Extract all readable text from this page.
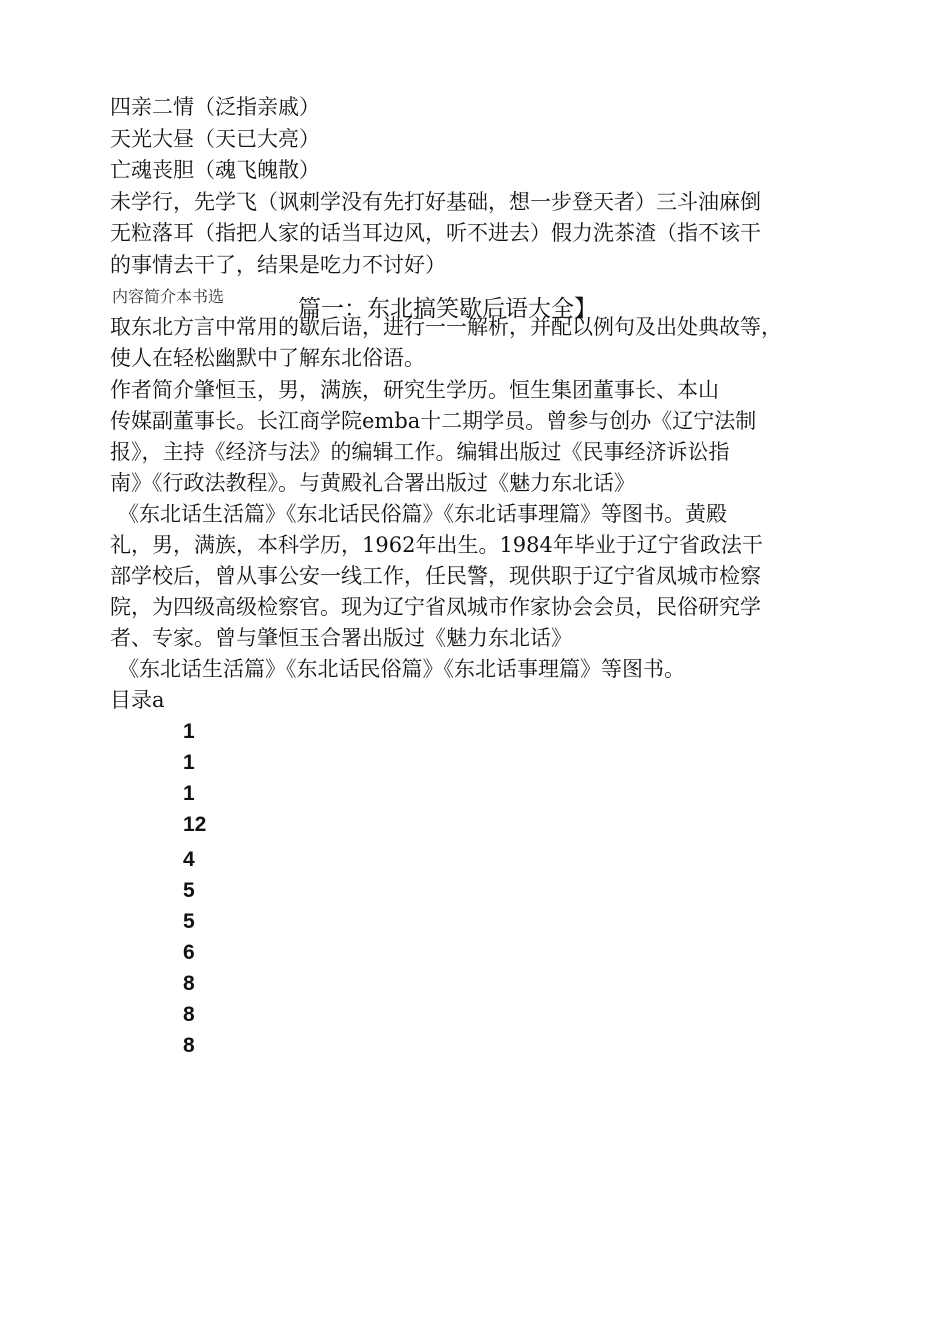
四亲二情（泛指亲戚）
天光大昼（天已大亮）
亡魂丧胆（魂飞魄散）
未学行，先学飞（讽刺学没有先打好基础，想一步登天者）三斗油麻倒
无粒落耳（指把人家的话当耳边风，听不进去）假力洗茶渣（指不该干
的事情去干了，结果是吃力不讨好）
内容简介本书选	篇一：东北搞笑歇后语大全】
取东北方言中常用的歇后语，进行一一解析，并配以例句及出处典故等，
使人在轻松幽默中了解东北俗语。
作者简介肇恒玉，男，满族，研究生学历。恒生集团董事长、本山
传媒副董事长。长江商学院emba十二期学员。曾参与创办《辽宁法制
报》，主持《经济与法》的编辑工作。编辑出版过《民事经济诉讼指
南》《行政法教程》。与黄殿礼合署出版过《魅力东北话》
《东北话生活篇》《东北话民俗篇》《东北话事理篇》等图书。黄殿
礼，男，满族，本科学历，1962年出生。1984年毕业于辽宁省政法干
部学校后，曾从事公安一线工作，任民警，现供职于辽宁省凤城市检察
院，为四级高级检察官。现为辽宁省凤城市作家协会会员，民俗研究学
者、专家。曾与肇恒玉合署出版过《魅力东北话》
《东北话生活篇》《东北话民俗篇》《东北话事理篇》等图书。
目录a
1
1
1
12
4
5
5
6
8
8
8
